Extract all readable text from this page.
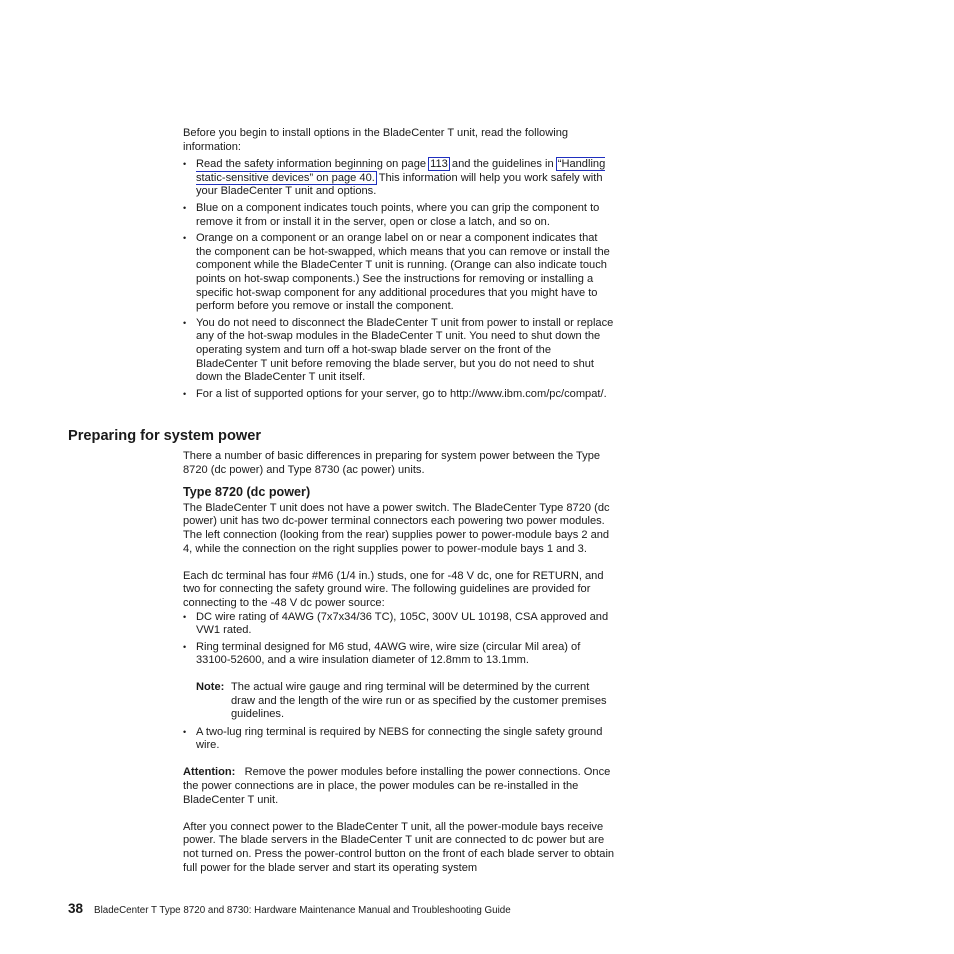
Before you begin to install options in the BladeCenter T unit, read the following information:

• Read the safety information beginning on page 113 and the guidelines in “Handling static-sensitive devices” on page 40. This information will help you work safely with your BladeCenter T unit and options.
• Blue on a component indicates touch points, where you can grip the component to remove it from or install it in the server, open or close a latch, and so on.
• Orange on a component or an orange label on or near a component indicates that the component can be hot-swapped, which means that you can remove or install the component while the BladeCenter T unit is running. (Orange can also indicate touch points on hot-swap components.) See the instructions for removing or installing a specific hot-swap component for any additional procedures that you might have to perform before you remove or install the component.
• You do not need to disconnect the BladeCenter T unit from power to install or replace any of the hot-swap modules in the BladeCenter T unit. You need to shut down the operating system and turn off a hot-swap blade server on the front of the BladeCenter T unit before removing the blade server, but you do not need to shut down the BladeCenter T unit itself.
• For a list of supported options for your server, go to http://www.ibm.com/pc/compat/.
Preparing for system power

There a number of basic differences in preparing for system power between the Type 8720 (dc power) and Type 8730 (ac power) units.

Type 8720 (dc power)

The BladeCenter T unit does not have a power switch. The BladeCenter Type 8720 (dc power) unit has two dc-power terminal connectors each powering two power modules. The left connection (looking from the rear) supplies power to power-module bays 2 and 4, while the connection on the right supplies power to power-module bays 1 and 3.

Each dc terminal has four #M6 (1/4 in.) studs, one for -48 V dc, one for RETURN, and two for connecting the safety ground wire. The following guidelines are provided for connecting to the -48 V dc power source:

• DC wire rating of 4AWG (7x7x34/36 TC), 105C, 300V UL 10198, CSA approved and VW1 rated.
• Ring terminal designed for M6 stud, 4AWG wire, wire size (circular Mil area) of 33100-52600, and a wire insulation diameter of 12.8mm to 13.1mm.
Note: The actual wire gauge and ring terminal will be determined by the current draw and the length of the wire run or as specified by the customer premises guidelines.
• A two-lug ring terminal is required by NEBS for connecting the single safety ground wire.

Attention: Remove the power modules before installing the power connections. Once the power connections are in place, the power modules can be re-installed in the BladeCenter T unit.

After you connect power to the BladeCenter T unit, all the power-module bays receive power. The blade servers in the BladeCenter T unit are connected to dc power but are not turned on. Press the power-control button on the front of each blade server to obtain full power for the blade server and start its operating system

38 BladeCenter T Type 8720 and 8730: Hardware Maintenance Manual and Troubleshooting Guide
